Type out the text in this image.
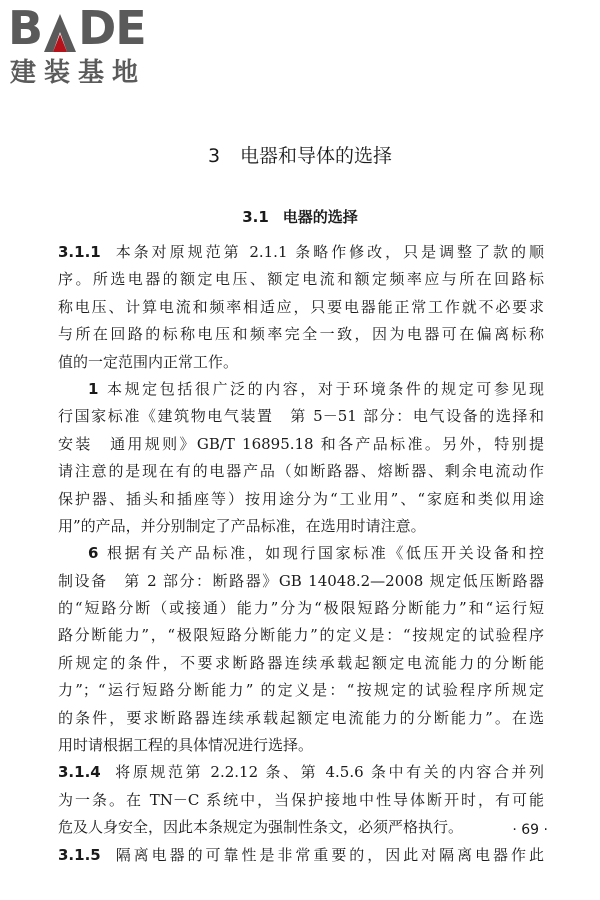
B DE
建装基地
3 电器和导体的选择
3.1 电器的选择
3.1.1 本条对原规范第 2.1.1 条略作修改，只是调整了款的顺
序。所选电器的额定电压、额定电流和额定频率应与所在回路标
称电压、计算电流和频率相适应，只要电器能正常工作就不必要求
与所在回路的标称电压和频率完全一致，因为电器可在偏离标称
值的一定范围内正常工作。
1 本规定包括很广泛的内容，对于环境条件的规定可参见现
行国家标准《建筑物电气装置　第 5－51 部分：电气设备的选择和
安装　通用规则》GB/T 16895.18 和各产品标准。另外，特别提
请注意的是现在有的电器产品（如断路器、熔断器、剩余电流动作
保护器、插头和插座等）按用途分为“工业用”、“家庭和类似用途
用”的产品，并分别制定了产品标准，在选用时请注意。
6 根据有关产品标准，如现行国家标准《低压开关设备和控
制设备　第 2 部分：断路器》GB 14048.2—2008 规定低压断路器
的“短路分断（或接通）能力”分为“极限短路分断能力”和“运行短
路分断能力”，“极限短路分断能力”的定义是：“按规定的试验程序
所规定的条件，不要求断路器连续承载起额定电流能力的分断能
力”；“运行短路分断能力” 的定义是：“按规定的试验程序所规定
的条件，要求断路器连续承载起额定电流能力的分断能力”。在选
用时请根据工程的具体情况进行选择。
3.1.4 将原规范第 2.2.12 条、第 4.5.6 条中有关的内容合并列
为一条。在 TN－C 系统中，当保护接地中性导体断开时，有可能
危及人身安全，因此本条规定为强制性条文，必须严格执行。
3.1.5 隔离电器的可靠性是非常重要的，因此对隔离电器作此
· 69 ·
